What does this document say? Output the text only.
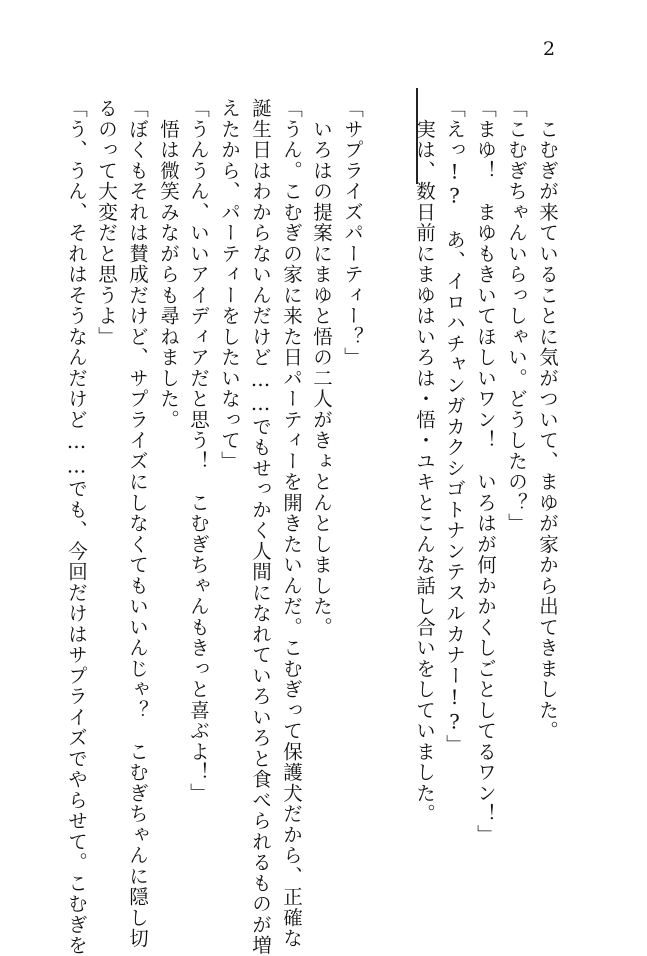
2
　こむぎが来ていることに気がついて、まゆが家から出てきました。
「こむぎちゃんいらっしゃい。どうしたの？」
「まゆ！　まゆもきいてほしいワン！　いろはが何かかくしごとしてるワン！」
「えっ!?　あ、イロハチャンガカクシゴトナンテスルカナー!?」
　実は、数日前にまゆはいろは・悟・ユキとこんな話し合いをしていました。
「サプライズパーティー？」
　いろはの提案にまゆと悟の二人がきょとんとしました。
「うん。こむぎの家に来た日パーティーを開きたいんだ。こむぎって保護犬だから、正確な
誕生日はわからないんだけど……でもせっかく人間になれていろいろと食べられるものが増
えたから、パーティーをしたいなって」
「うんうん、いいアイディアだと思う！　こむぎちゃんもきっと喜ぶよ！」
　悟は微笑みながらも尋ねました。
「ぼくもそれは賛成だけど、サプライズにしなくてもいいんじゃ？　こむぎちゃんに隠し切
るのって大変だと思うよ」
「う、うん、それはそうなんだけど……でも、今回だけはサプライズでやらせて。こむぎを
